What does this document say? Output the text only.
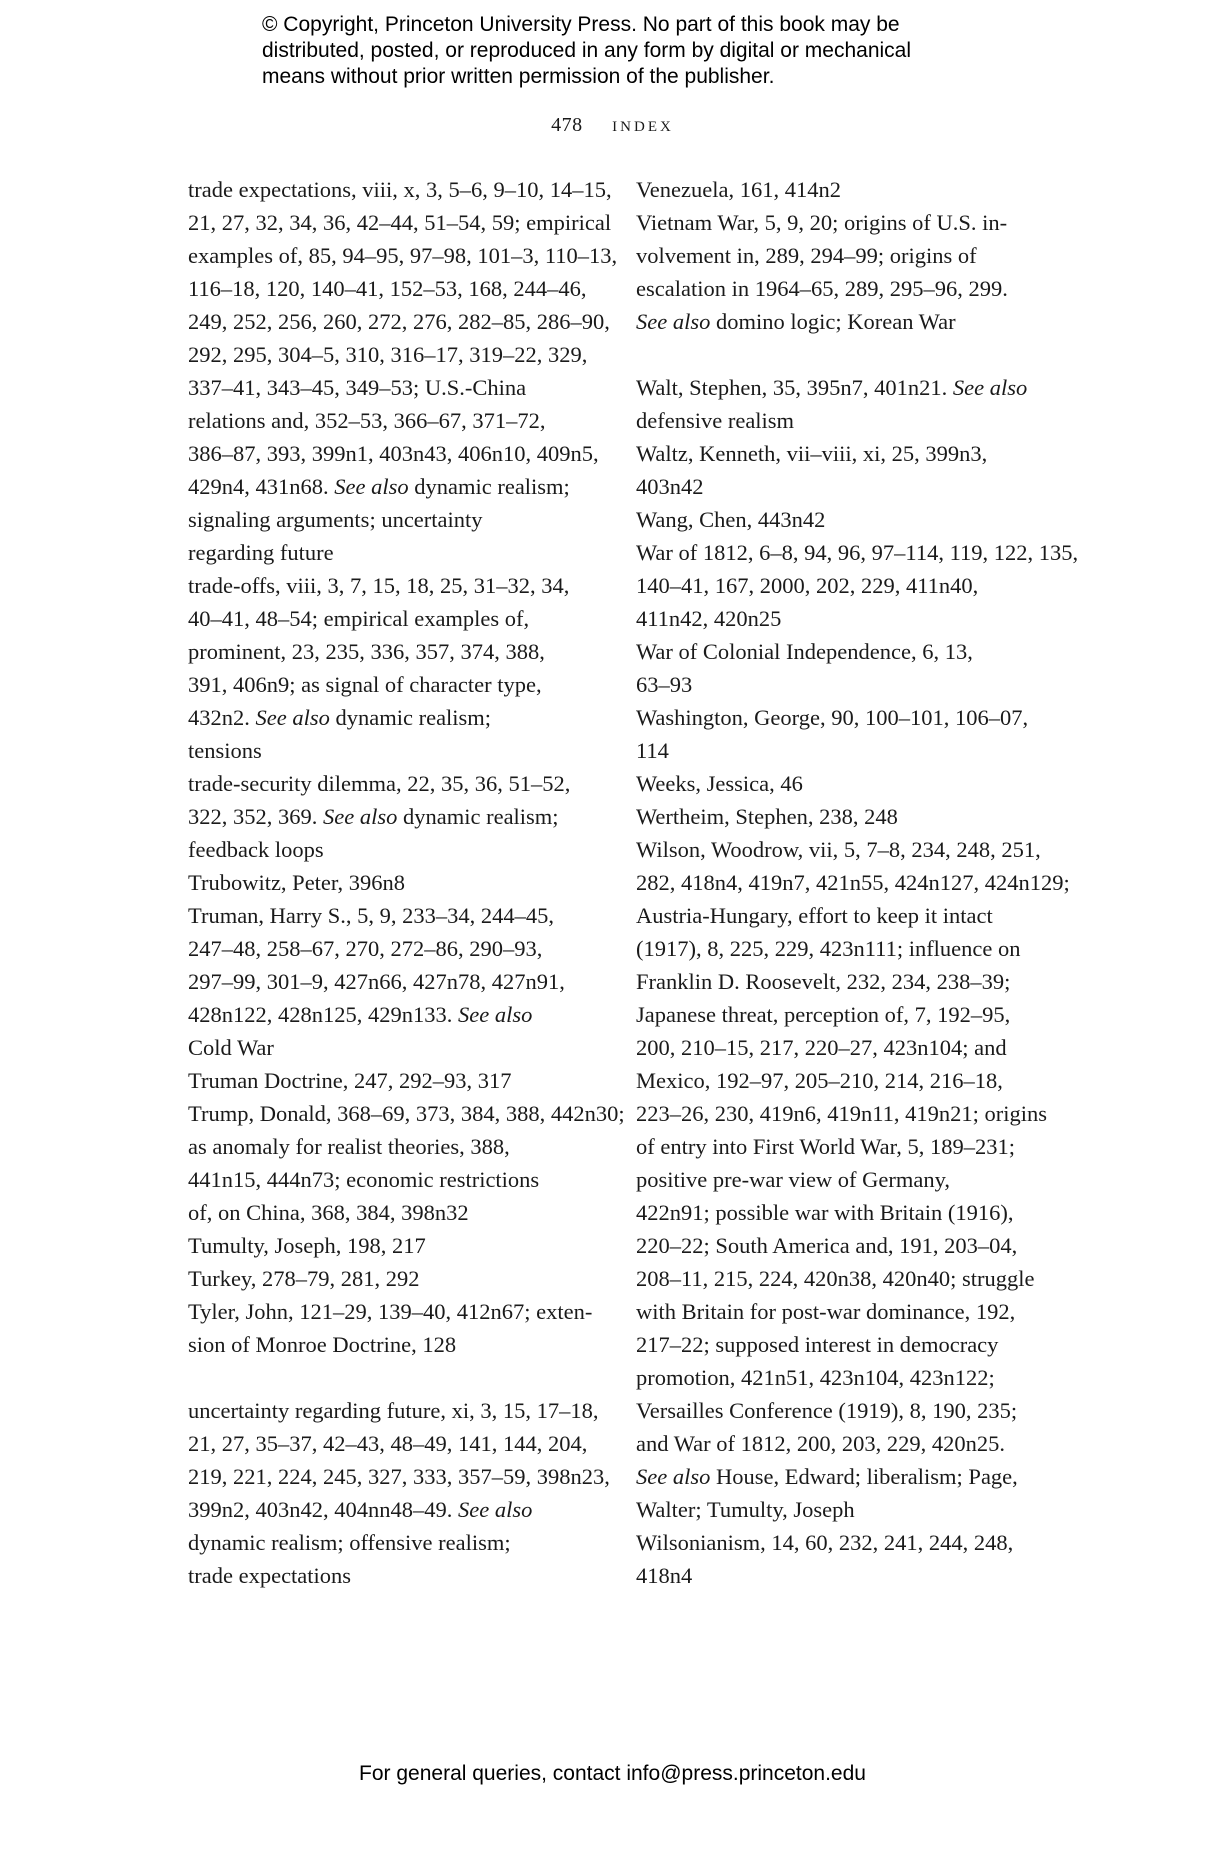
© Copyright, Princeton University Press. No part of this book may be
distributed, posted, or reproduced in any form by digital or mechanical
means without prior written permission of the publisher.
478 index
trade expectations, viii, x, 3, 5–6, 9–10, 14–15,
21, 27, 32, 34, 36, 42–44, 51–54, 59; empirical
examples of, 85, 94–95, 97–98, 101–3, 110–13,
116–18, 120, 140–41, 152–53, 168, 244–46,
249, 252, 256, 260, 272, 276, 282–85, 286–90,
292, 295, 304–5, 310, 316–17, 319–22, 329,
337–41, 343–45, 349–53; U.S.-China
relations and, 352–53, 366–67, 371–72,
386–87, 393, 399n1, 403n43, 406n10, 409n5,
429n4, 431n68. See also dynamic realism;
signaling arguments; uncertainty
regarding future
trade-offs, viii, 3, 7, 15, 18, 25, 31–32, 34,
40–41, 48–54; empirical examples of,
prominent, 23, 235, 336, 357, 374, 388,
391, 406n9; as signal of character type,
432n2. See also dynamic realism;
tensions
trade-security dilemma, 22, 35, 36, 51–52,
322, 352, 369. See also dynamic realism;
feedback loops
Trubowitz, Peter, 396n8
Truman, Harry S., 5, 9, 233–34, 244–45,
247–48, 258–67, 270, 272–86, 290–93,
297–99, 301–9, 427n66, 427n78, 427n91,
428n122, 428n125, 429n133. See also
Cold War
Truman Doctrine, 247, 292–93, 317
Trump, Donald, 368–69, 373, 384, 388, 442n30;
as anomaly for realist theories, 388,
441n15, 444n73; economic restrictions
of, on China, 368, 384, 398n32
Tumulty, Joseph, 198, 217
Turkey, 278–79, 281, 292
Tyler, John, 121–29, 139–40, 412n67; exten-
sion of Monroe Doctrine, 128
uncertainty regarding future, xi, 3, 15, 17–18,
21, 27, 35–37, 42–43, 48–49, 141, 144, 204,
219, 221, 224, 245, 327, 333, 357–59, 398n23,
399n2, 403n42, 404nn48–49. See also
dynamic realism; offensive realism;
trade expectations
Venezuela, 161, 414n2
Vietnam War, 5, 9, 20; origins of U.S. in-
volvement in, 289, 294–99; origins of
escalation in 1964–65, 289, 295–96, 299.
See also domino logic; Korean War
Walt, Stephen, 35, 395n7, 401n21. See also
defensive realism
Waltz, Kenneth, vii–viii, xi, 25, 399n3,
403n42
Wang, Chen, 443n42
War of 1812, 6–8, 94, 96, 97–114, 119, 122, 135,
140–41, 167, 2000, 202, 229, 411n40,
411n42, 420n25
War of Colonial Independence, 6, 13,
63–93
Washington, George, 90, 100–101, 106–07,
114
Weeks, Jessica, 46
Wertheim, Stephen, 238, 248
Wilson, Woodrow, vii, 5, 7–8, 234, 248, 251,
282, 418n4, 419n7, 421n55, 424n127, 424n129;
Austria-Hungary, effort to keep it intact
(1917), 8, 225, 229, 423n111; influence on
Franklin D. Roosevelt, 232, 234, 238–39;
Japanese threat, perception of, 7, 192–95,
200, 210–15, 217, 220–27, 423n104; and
Mexico, 192–97, 205–210, 214, 216–18,
223–26, 230, 419n6, 419n11, 419n21; origins
of entry into First World War, 5, 189–231;
positive pre-war view of Germany,
422n91; possible war with Britain (1916),
220–22; South America and, 191, 203–04,
208–11, 215, 224, 420n38, 420n40; struggle
with Britain for post-war dominance, 192,
217–22; supposed interest in democracy
promotion, 421n51, 423n104, 423n122;
Versailles Conference (1919), 8, 190, 235;
and War of 1812, 200, 203, 229, 420n25.
See also House, Edward; liberalism; Page,
Walter; Tumulty, Joseph
Wilsonianism, 14, 60, 232, 241, 244, 248,
418n4
For general queries, contact info@press.princeton.edu
